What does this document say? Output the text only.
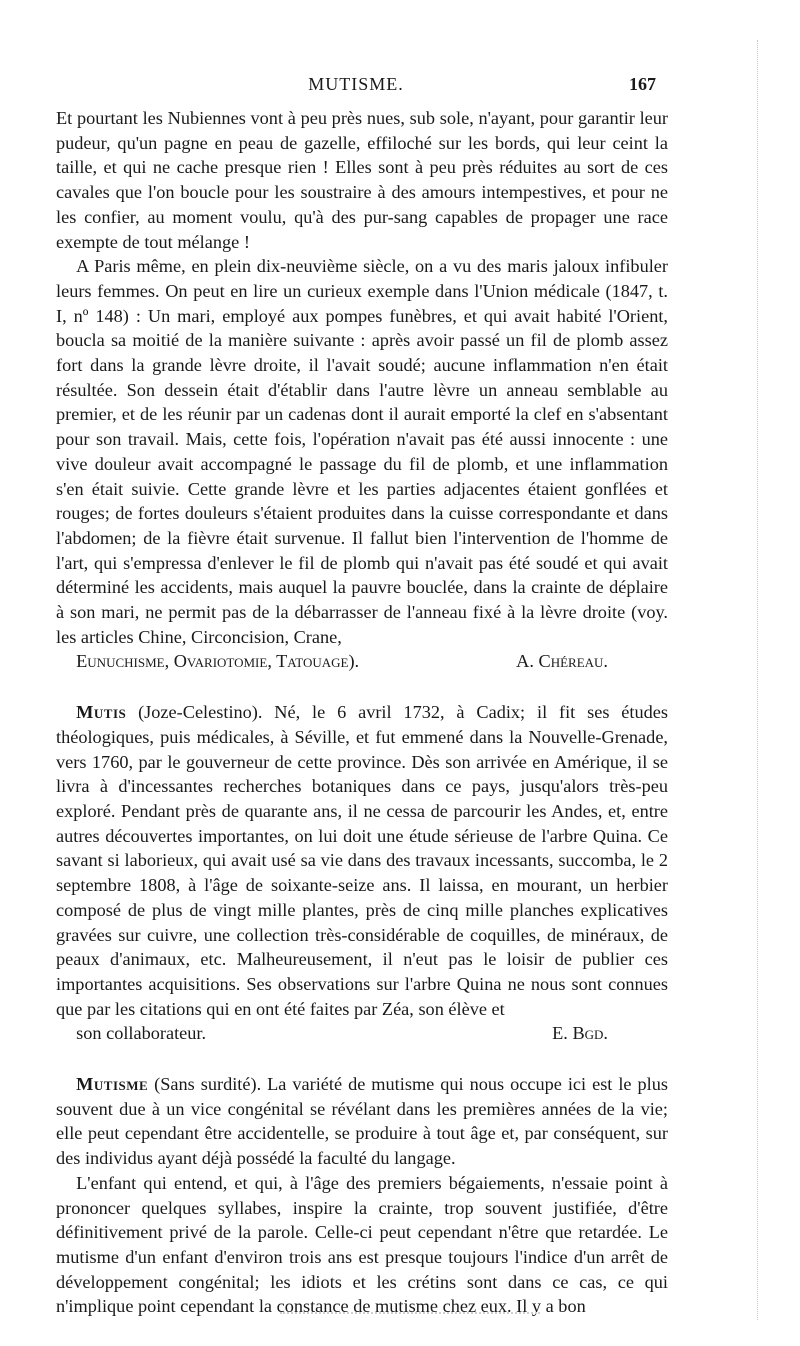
MUTISME.	167

Et pourtant les Nubiennes vont à peu près nues, sub sole, n'ayant, pour garantir leur pudeur, qu'un pagne en peau de gazelle, effiloché sur les bords, qui leur ceint la taille, et qui ne cache presque rien ! Elles sont à peu près réduites au sort de ces cavales que l'on boucle pour les soustraire à des amours intempestives, et pour ne les confier, au moment voulu, qu'à des pur-sang capables de propager une race exempte de tout mélange !

A Paris même, en plein dix-neuvième siècle, on a vu des maris jaloux infibuler leurs femmes. On peut en lire un curieux exemple dans l'Union médicale (1847, t. I, nº 148) : Un mari, employé aux pompes funèbres, et qui avait habité l'Orient, boucla sa moitié de la manière suivante : après avoir passé un fil de plomb assez fort dans la grande lèvre droite, il l'avait soudé; aucune inflammation n'en était résultée. Son dessein était d'établir dans l'autre lèvre un anneau semblable au premier, et de les réunir par un cadenas dont il aurait emporté la clef en s'absentant pour son travail. Mais, cette fois, l'opération n'avait pas été aussi innocente : une vive douleur avait accompagné le passage du fil de plomb, et une inflammation s'en était suivie. Cette grande lèvre et les parties adjacentes étaient gonflées et rouges; de fortes douleurs s'étaient produites dans la cuisse correspondante et dans l'abdomen; de la fièvre était survenue. Il fallut bien l'intervention de l'homme de l'art, qui s'empressa d'enlever le fil de plomb qui n'avait pas été soudé et qui avait déterminé les accidents, mais auquel la pauvre bouclée, dans la crainte de déplaire à son mari, ne permit pas de la débarrasser de l'anneau fixé à la lèvre droite (voy. les articles Chine, Circoncision, Crane,

Eunuchisme, Ovariotomie, Tatouage).	A. Chéreau.

Mutis (Joze-Celestino). Né, le 6 avril 1732, à Cadix; il fit ses études théologiques, puis médicales, à Séville, et fut emmené dans la Nouvelle-Grenade, vers 1760, par le gouverneur de cette province. Dès son arrivée en Amérique, il se livra à d'incessantes recherches botaniques dans ce pays, jusqu'alors très-peu exploré. Pendant près de quarante ans, il ne cessa de parcourir les Andes, et, entre autres découvertes importantes, on lui doit une étude sérieuse de l'arbre Quina. Ce savant si laborieux, qui avait usé sa vie dans des travaux incessants, succomba, le 2 septembre 1808, à l'âge de soixante-seize ans. Il laissa, en mourant, un herbier composé de plus de vingt mille plantes, près de cinq mille planches explicatives gravées sur cuivre, une collection très-considérable de coquilles, de minéraux, de peaux d'animaux, etc. Malheureusement, il n'eut pas le loisir de publier ces importantes acquisitions. Ses observations sur l'arbre Quina ne nous sont connues que par les citations qui en ont été faites par Zéa, son élève et

son collaborateur.	E. Bgd.

Mutisme (Sans surdité). La variété de mutisme qui nous occupe ici est le plus souvent due à un vice congénital se révélant dans les premières années de la vie; elle peut cependant être accidentelle, se produire à tout âge et, par conséquent, sur des individus ayant déjà possédé la faculté du langage.

L'enfant qui entend, et qui, à l'âge des premiers bégaiements, n'essaie point à prononcer quelques syllabes, inspire la crainte, trop souvent justifiée, d'être définitivement privé de la parole. Celle-ci peut cependant n'être que retardée. Le mutisme d'un enfant d'environ trois ans est presque toujours l'indice d'un arrêt de développement congénital; les idiots et les crétins sont dans ce cas, ce qui n'implique point cependant la constance de mutisme chez eux. Il y a bon
